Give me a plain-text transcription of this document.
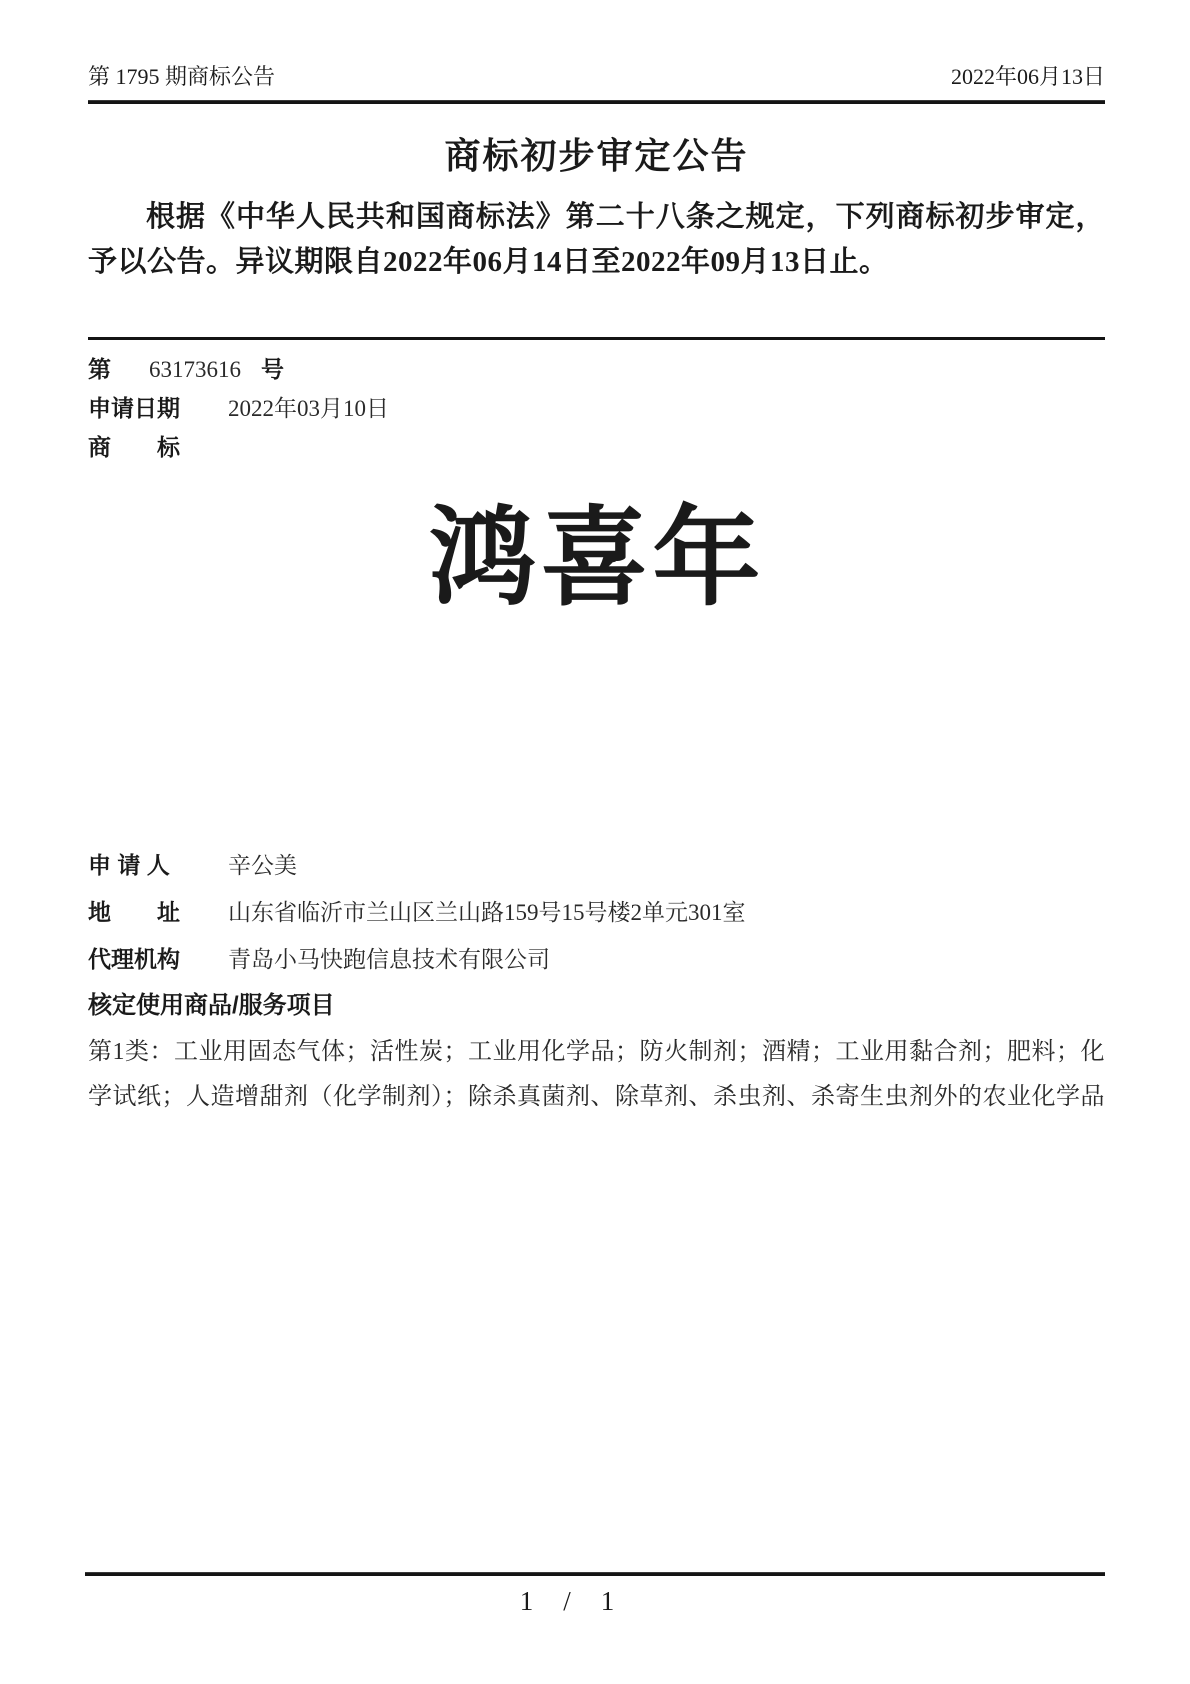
第 1795 期商标公告	2022年06月13日
商标初步审定公告

根据《中华人民共和国商标法》第二十八条之规定，下列商标初步审定，予以公告。异议期限自2022年06月14日至2022年09月13日止。

第 63173616 号
申请日期	2022年03月10日
商　　标
鸿喜年
申 请 人	辛公美
地　　址	山东省临沂市兰山区兰山路159号15号楼2单元301室
代理机构	青岛小马快跑信息技术有限公司
核定使用商品/服务项目

第1类：工业用固态气体；活性炭；工业用化学品；防火制剂；酒精；工业用黏合剂；肥料；化学试纸；人造增甜剂（化学制剂）；除杀真菌剂、除草剂、杀虫剂、杀寄生虫剂外的农业化学品

1 / 1
